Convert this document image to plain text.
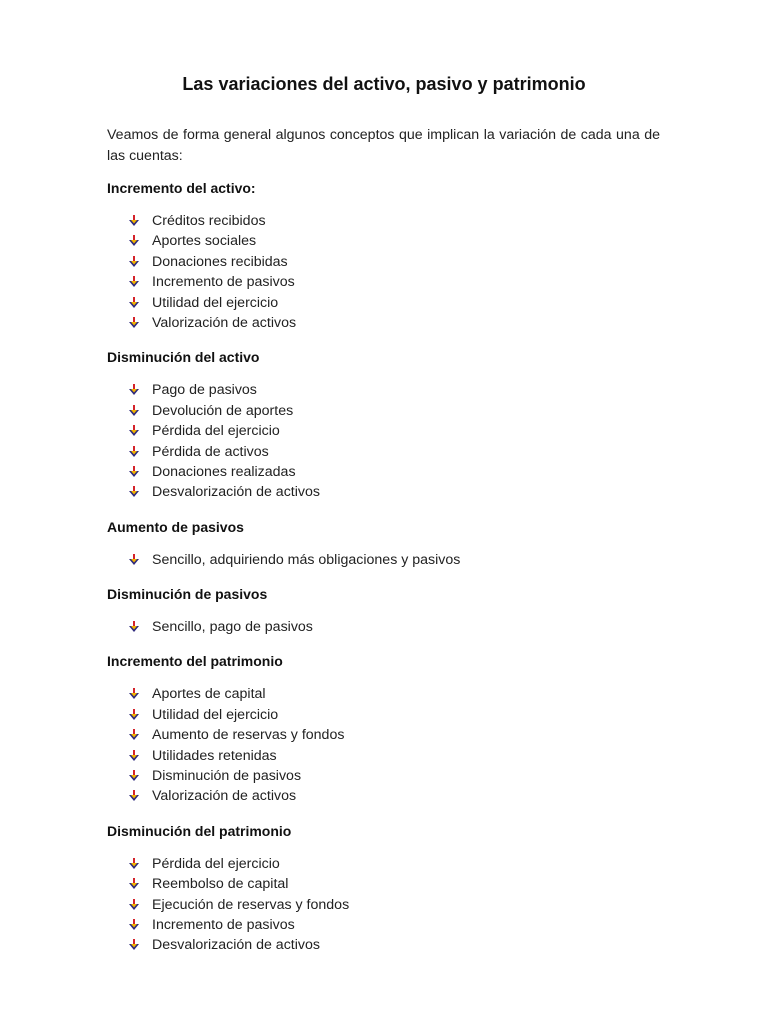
Las variaciones del activo, pasivo y patrimonio
Veamos de forma general algunos conceptos que implican la variación de cada una de las cuentas:
Incremento del activo:
Créditos recibidos
Aportes sociales
Donaciones recibidas
Incremento de pasivos
Utilidad del ejercicio
Valorización de activos
Disminución del activo
Pago de pasivos
Devolución de aportes
Pérdida del ejercicio
Pérdida de activos
Donaciones realizadas
Desvalorización de activos
Aumento de pasivos
Sencillo, adquiriendo más obligaciones y pasivos
Disminución de pasivos
Sencillo, pago de pasivos
Incremento del patrimonio
Aportes de capital
Utilidad del ejercicio
Aumento de reservas y fondos
Utilidades retenidas
Disminución de pasivos
Valorización de activos
Disminución del patrimonio
Pérdida del ejercicio
Reembolso de capital
Ejecución de reservas y fondos
Incremento de pasivos
Desvalorización de activos
